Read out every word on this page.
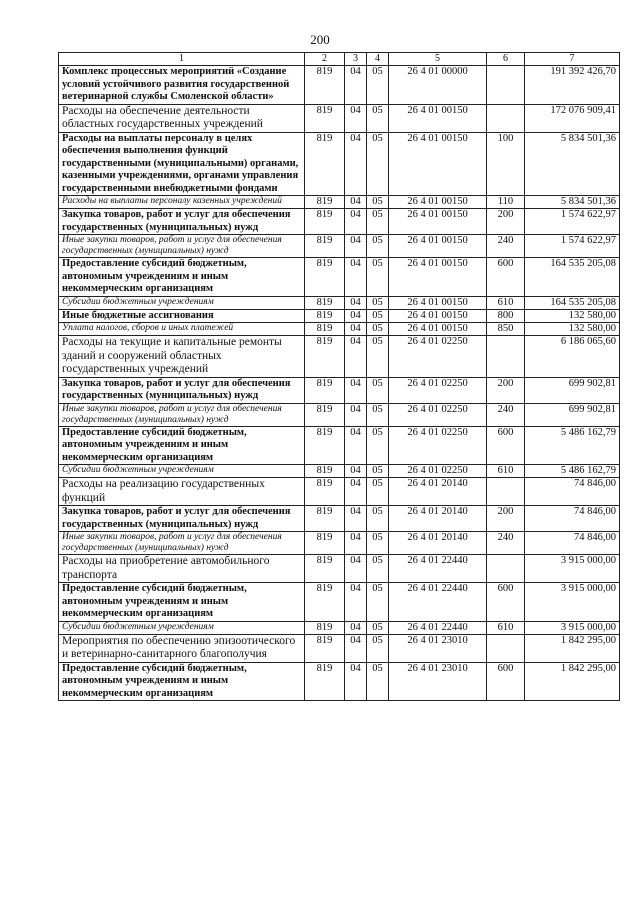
200
1	2	3	4	5	6	7
Комплекс процессных мероприятий «Создание условий устойчивого развития государственной ветеринарной службы Смоленской области»	819	04	05	26 4 01 00000		191 392 426,70
Расходы на обеспечение деятельности областных государственных учреждений	819	04	05	26 4 01 00150		172 076 909,41
Расходы на выплаты персоналу в целях обеспечения выполнения функций государственными (муниципальными) органами, казенными учреждениями, органами управления государственными внебюджетными фондами	819	04	05	26 4 01 00150	100	5 834 501,36
Расходы на выплаты персоналу казенных учреждений	819	04	05	26 4 01 00150	110	5 834 501,36
Закупка товаров, работ и услуг для обеспечения государственных (муниципальных) нужд	819	04	05	26 4 01 00150	200	1 574 622,97
Иные закупки товаров, работ и услуг для обеспечения государственных (муниципальных) нужд	819	04	05	26 4 01 00150	240	1 574 622,97
Предоставление субсидий бюджетным, автономным учреждениям и иным некоммерческим организациям	819	04	05	26 4 01 00150	600	164 535 205,08
Субсидии бюджетным учреждениям	819	04	05	26 4 01 00150	610	164 535 205,08
Иные бюджетные ассигнования	819	04	05	26 4 01 00150	800	132 580,00
Уплата налогов, сборов и иных платежей	819	04	05	26 4 01 00150	850	132 580,00
Расходы на текущие и капитальные ремонты зданий и сооружений областных государственных учреждений	819	04	05	26 4 01 02250		6 186 065,60
Закупка товаров, работ и услуг для обеспечения государственных (муниципальных) нужд	819	04	05	26 4 01 02250	200	699 902,81
Иные закупки товаров, работ и услуг для обеспечения государственных (муниципальных) нужд	819	04	05	26 4 01 02250	240	699 902,81
Предоставление субсидий бюджетным, автономным учреждениям и иным некоммерческим организациям	819	04	05	26 4 01 02250	600	5 486 162,79
Субсидии бюджетным учреждениям	819	04	05	26 4 01 02250	610	5 486 162,79
Расходы на реализацию государственных функций	819	04	05	26 4 01 20140		74 846,00
Закупка товаров, работ и услуг для обеспечения государственных (муниципальных) нужд	819	04	05	26 4 01 20140	200	74 846,00
Иные закупки товаров, работ и услуг для обеспечения государственных (муниципальных) нужд	819	04	05	26 4 01 20140	240	74 846,00
Расходы на приобретение автомобильного транспорта	819	04	05	26 4 01 22440		3 915 000,00
Предоставление субсидий бюджетным, автономным учреждениям и иным некоммерческим организациям	819	04	05	26 4 01 22440	600	3 915 000,00
Субсидии бюджетным учреждениям	819	04	05	26 4 01 22440	610	3 915 000,00
Мероприятия по обеспечению эпизоотического и ветеринарно-санитарного благополучия	819	04	05	26 4 01 23010		1 842 295,00
Предоставление субсидий бюджетным, автономным учреждениям и иным некоммерческим организациям	819	04	05	26 4 01 23010	600	1 842 295,00
